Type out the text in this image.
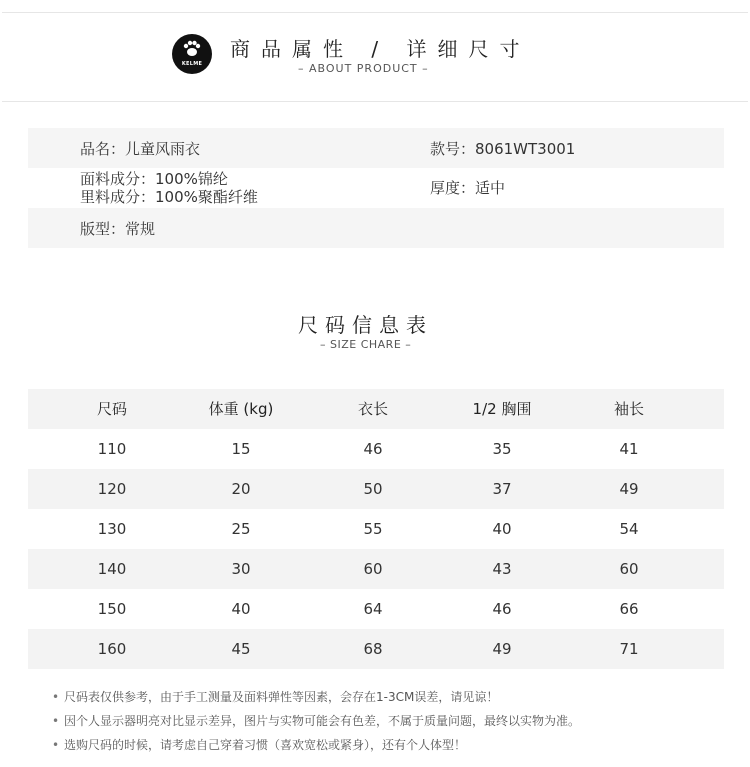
KELME
商品属性 / 详细尺寸
– ABOUT PRODUCT –
品名：儿童风雨衣	款号：8061WT3001
面料成分：100%锦纶
里料成分：100%聚酯纤维	厚度：适中
版型：常规
尺码信息表
– SIZE CHARE –
尺码	体重 (kg)	衣长	1/2 胸围	袖长
110	15	46	35	41
120	20	50	37	49
130	25	55	40	54
140	30	60	43	60
150	40	64	46	66
160	45	68	49	71
• 尺码表仅供参考，由于手工测量及面料弹性等因素，会存在1-3CM误差，请见谅！
• 因个人显示器明亮对比显示差异，图片与实物可能会有色差，不属于质量问题，最终以实物为准。
• 选购尺码的时候，请考虑自己穿着习惯（喜欢宽松或紧身），还有个人体型！
